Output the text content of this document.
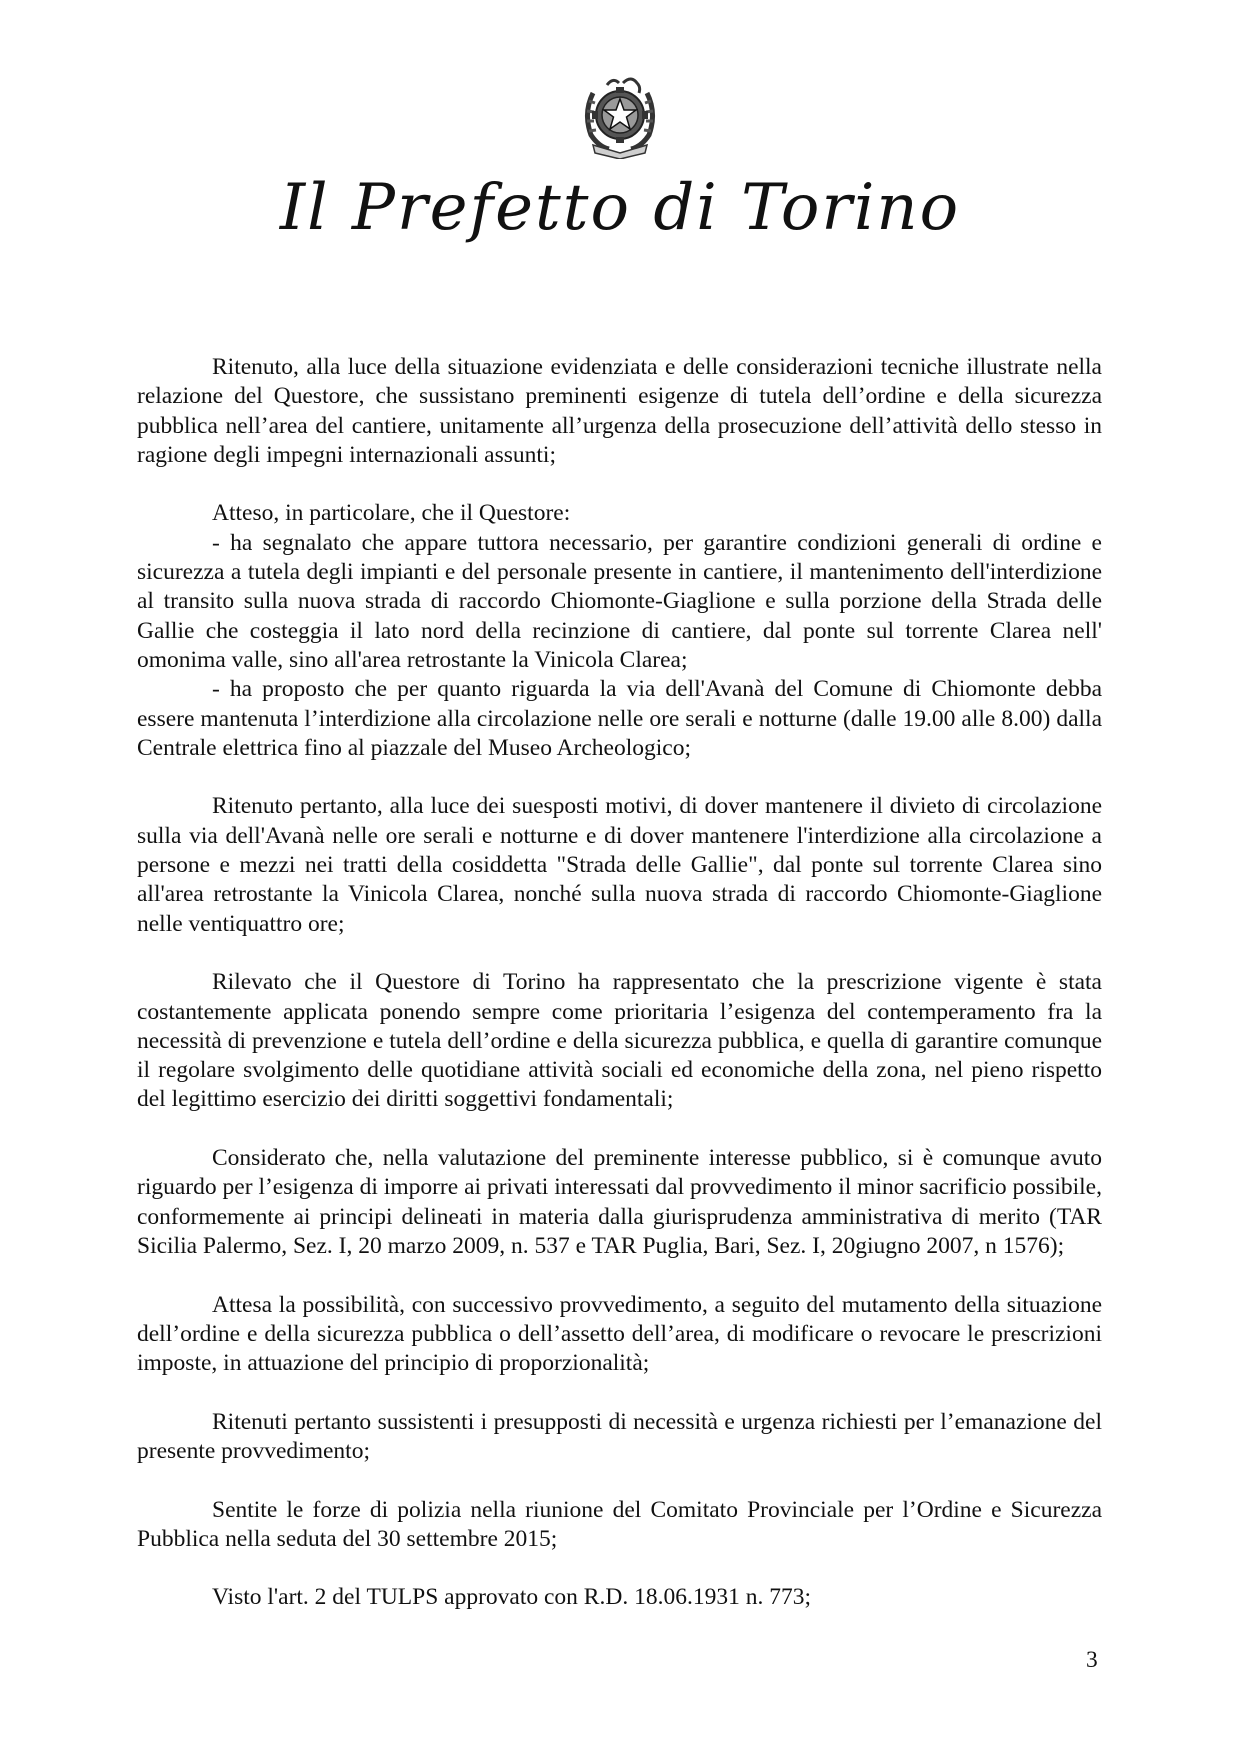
Il Prefetto di Torino

Ritenuto, alla luce della situazione evidenziata e delle considerazioni tecniche illustrate nella relazione del Questore, che sussistano preminenti esigenze di tutela dell’ordine e della sicurezza pubblica nell’area del cantiere, unitamente all’urgenza della prosecuzione dell’attività dello stesso in ragione degli impegni internazionali assunti;

Atteso, in particolare, che il Questore:

- ha segnalato che appare tuttora necessario, per garantire condizioni generali di ordine e sicurezza a tutela degli impianti e del personale presente in cantiere, il mantenimento dell'interdizione al transito sulla nuova strada di raccordo Chiomonte-Giaglione e sulla porzione della Strada delle Gallie che costeggia il lato nord della recinzione di cantiere, dal ponte sul torrente Clarea nell' omonima valle, sino all'area retrostante la Vinicola Clarea;

- ha proposto che per quanto riguarda la via dell'Avanà del Comune di Chiomonte debba essere mantenuta l’interdizione alla circolazione nelle ore serali e notturne (dalle 19.00 alle 8.00) dalla Centrale elettrica fino al piazzale del Museo Archeologico;

Ritenuto pertanto, alla luce dei suesposti motivi, di dover mantenere il divieto di circolazione sulla via dell'Avanà nelle ore serali e notturne e di dover mantenere l'interdizione alla circolazione a persone e mezzi nei tratti della cosiddetta "Strada delle Gallie", dal ponte sul torrente Clarea sino all'area retrostante la Vinicola Clarea, nonché sulla nuova strada di raccordo Chiomonte-Giaglione nelle ventiquattro ore;

Rilevato che il Questore di Torino ha rappresentato che la prescrizione vigente è stata costantemente applicata ponendo sempre come prioritaria l’esigenza del contemperamento fra la necessità di prevenzione e tutela dell’ordine e della sicurezza pubblica, e quella di garantire comunque il regolare svolgimento delle quotidiane attività sociali ed economiche della zona, nel pieno rispetto del legittimo esercizio dei diritti soggettivi fondamentali;

Considerato che, nella valutazione del preminente interesse pubblico, si è comunque avuto riguardo per l’esigenza di imporre ai privati interessati dal provvedimento il minor sacrificio possibile, conformemente ai principi delineati in materia dalla giurisprudenza amministrativa di merito (TAR Sicilia Palermo, Sez. I, 20 marzo 2009, n. 537 e TAR Puglia, Bari, Sez. I, 20giugno 2007, n 1576);

Attesa la possibilità, con successivo provvedimento, a seguito del mutamento della situazione dell’ordine e della sicurezza pubblica o dell’assetto dell’area, di modificare o revocare le prescrizioni imposte, in attuazione del principio di proporzionalità;

Ritenuti pertanto sussistenti i presupposti di necessità e urgenza richiesti per l’emanazione del presente provvedimento;

Sentite le forze di polizia nella riunione del Comitato Provinciale per l’Ordine e Sicurezza Pubblica nella seduta del 30 settembre 2015;

Visto l'art. 2 del TULPS approvato con R.D. 18.06.1931 n. 773;

3
